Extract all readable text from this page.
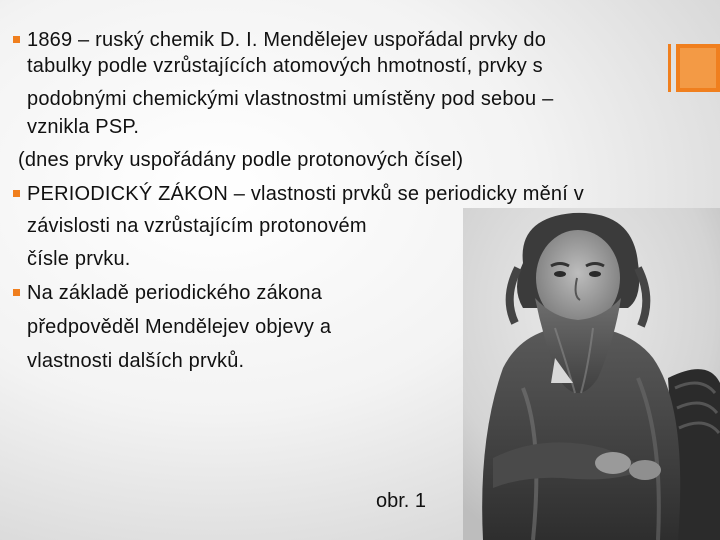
1869 – ruský chemik D. I. Mendělejev uspořádal prvky do
tabulky podle vzrůstajících atomových hmotností, prvky s
podobnými chemickými vlastnostmi umístěny pod sebou –
vznikla PSP.
(dnes prvky uspořádány podle protonových čísel)
PERIODICKÝ ZÁKON – vlastnosti prvků se periodicky mění v
závislosti na vzrůstajícím protonovém
čísle prvku.
Na základě periodického zákona
předpověděl Mendělejev objevy a
vlastnosti dalších prvků.
obr. 1
